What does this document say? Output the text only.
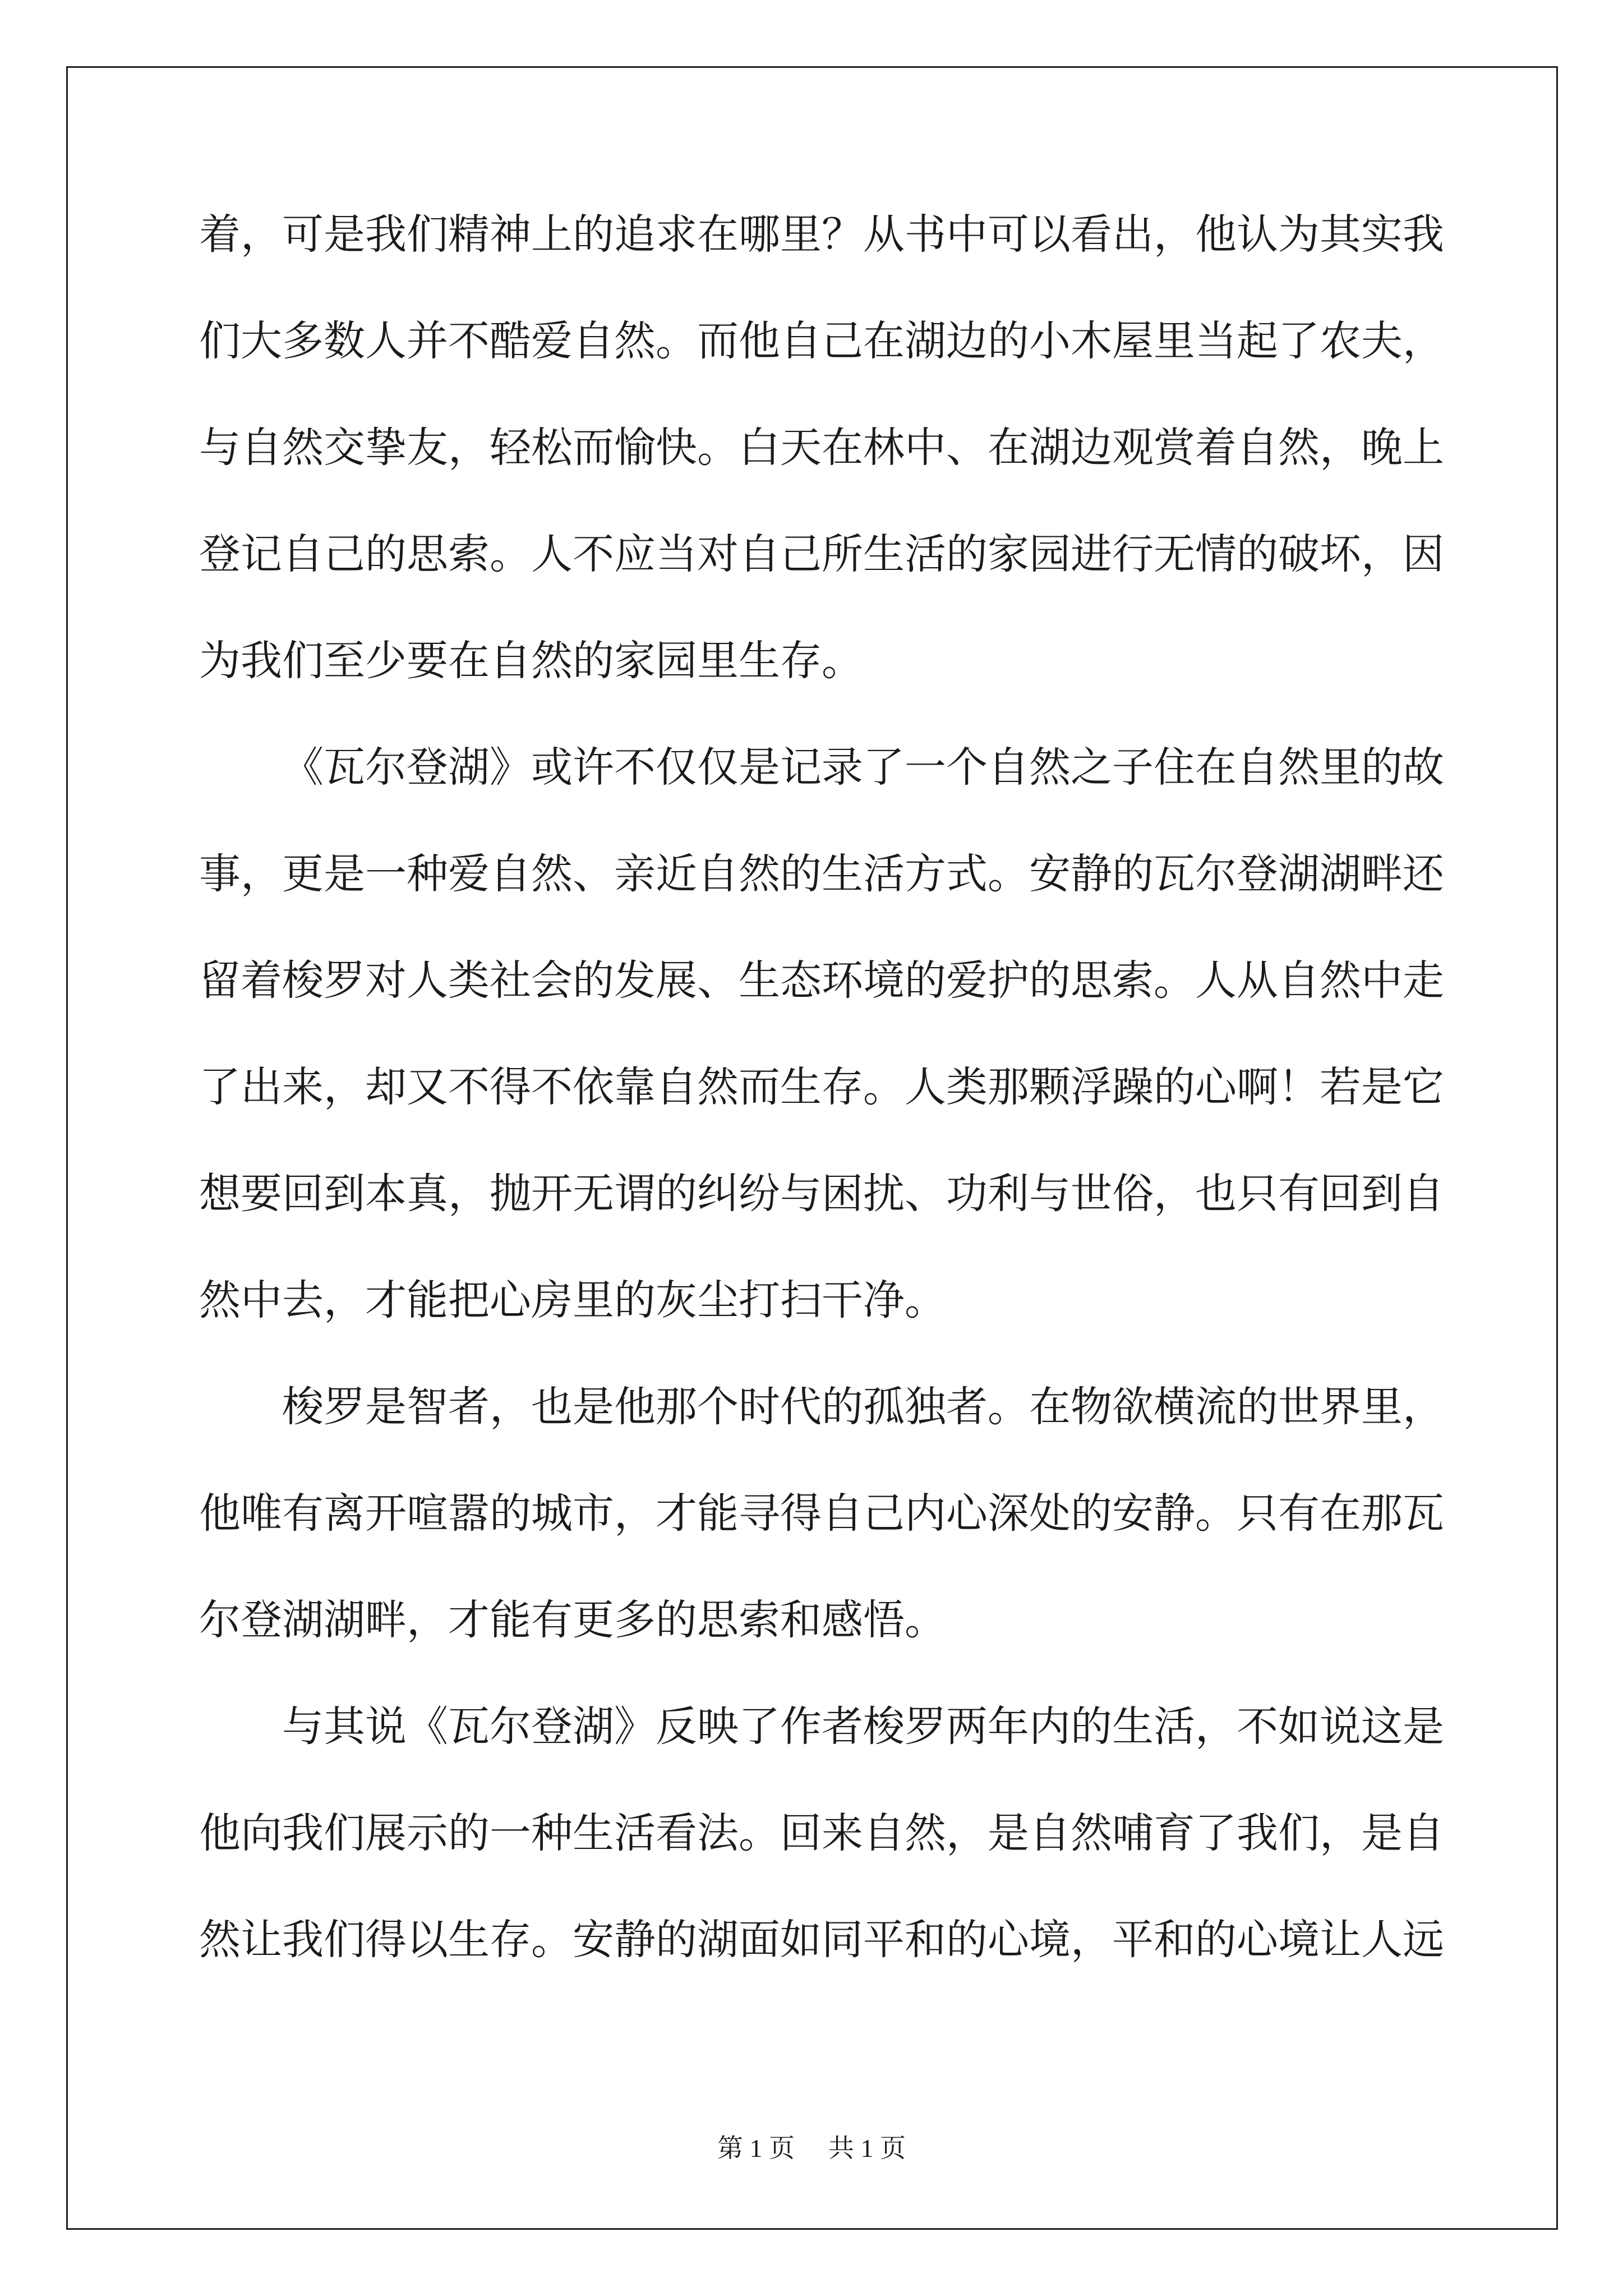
着，可是我们精神上的追求在哪里？从书中可以看出，他认为其实我
们大多数人并不酷爱自然。而他自己在湖边的小木屋里当起了农夫，
与自然交挚友，轻松而愉快。白天在林中、在湖边观赏着自然，晚上
登记自己的思索。人不应当对自己所生活的家园进行无情的破坏，因
为我们至少要在自然的家园里生存。
《瓦尔登湖》或许不仅仅是记录了一个自然之子住在自然里的故
事，更是一种爱自然、亲近自然的生活方式。安静的瓦尔登湖湖畔还
留着梭罗对人类社会的发展、生态环境的爱护的思索。人从自然中走
了出来，却又不得不依靠自然而生存。人类那颗浮躁的心啊！若是它
想要回到本真，抛开无谓的纠纷与困扰、功利与世俗，也只有回到自
然中去，才能把心房里的灰尘打扫干净。
梭罗是智者，也是他那个时代的孤独者。在物欲横流的世界里，
他唯有离开喧嚣的城市，才能寻得自己内心深处的安静。只有在那瓦
尔登湖湖畔，才能有更多的思索和感悟。
与其说《瓦尔登湖》反映了作者梭罗两年内的生活，不如说这是
他向我们展示的一种生活看法。回来自然，是自然哺育了我们，是自
然让我们得以生存。安静的湖面如同平和的心境，平和的心境让人远
第 1 页 共 1 页
